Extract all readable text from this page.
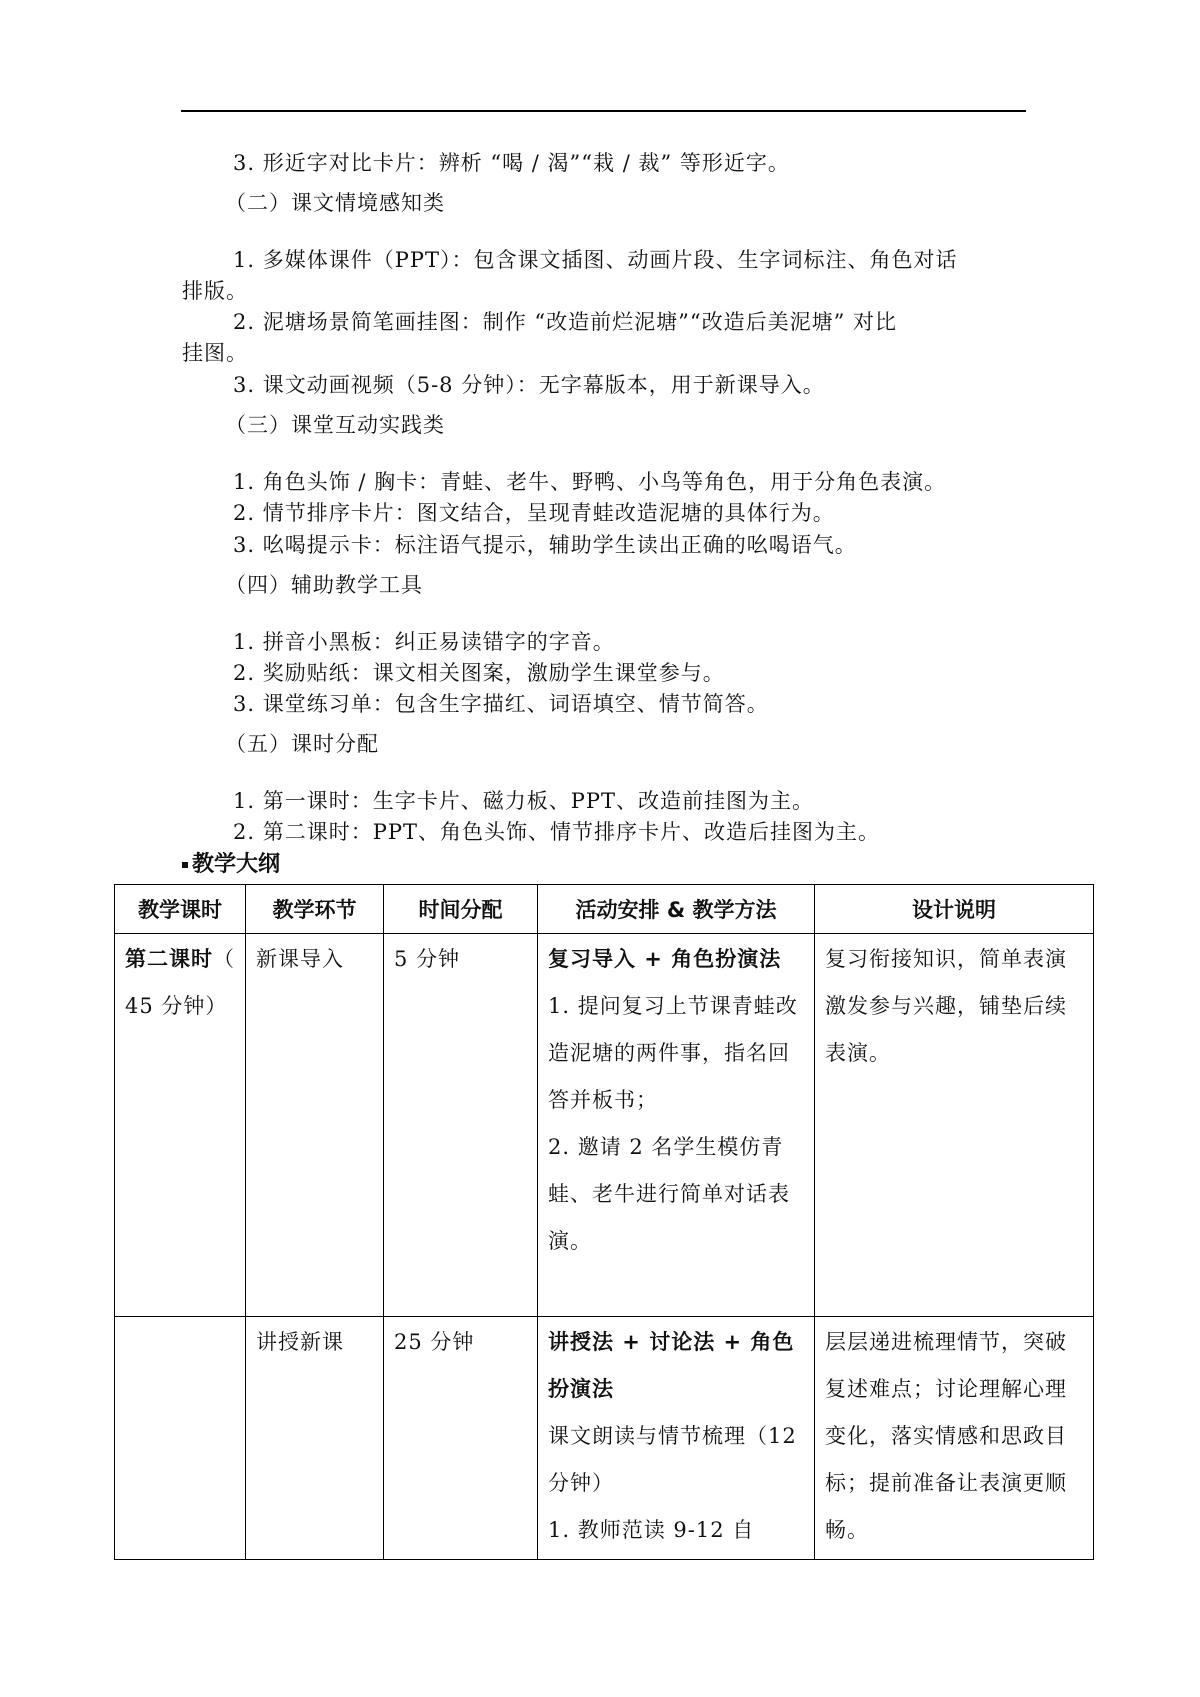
3. 形近字对比卡片：辨析 “喝 / 渴”“栽 / 裁” 等形近字。
（二）课文情境感知类
1. 多媒体课件（PPT）：包含课文插图、动画片段、生字词标注、角色对话
排版。
2. 泥塘场景简笔画挂图：制作 “改造前烂泥塘”“改造后美泥塘” 对比
挂图。
3. 课文动画视频（5-8 分钟）：无字幕版本，用于新课导入。
（三）课堂互动实践类
1. 角色头饰 / 胸卡：青蛙、老牛、野鸭、小鸟等角色，用于分角色表演。
2. 情节排序卡片：图文结合，呈现青蛙改造泥塘的具体行为。
3. 吆喝提示卡：标注语气提示，辅助学生读出正确的吆喝语气。
（四）辅助教学工具
1. 拼音小黑板：纠正易读错字的字音。
2. 奖励贴纸：课文相关图案，激励学生课堂参与。
3. 课堂练习单：包含生字描红、词语填空、情节简答。
（五）课时分配
1. 第一课时：生字卡片、磁力板、PPT、改造前挂图为主。
2. 第二课时：PPT、角色头饰、情节排序卡片、改造后挂图为主。
教学大纲
教学课时	教学环节	时间分配	活动安排 & 教学方法	设计说明
第二课时（ 45 分钟）	新课导入	5 分钟	复习导入 + 角色扮演法

1. 提问复习上节课青蛙改造泥塘的两件事，指名回答并板书；

2. 邀请 2 名学生模仿青蛙、老牛进行简单对话表演。	复习衔接知识，简单表演激发参与兴趣，铺垫后续表演。
	讲授新课	25 分钟	讲授法 + 讨论法 + 角色扮演法

课文朗读与情节梳理（12 分钟）

1. 教师范读 9-12 自	层层递进梳理情节，突破复述难点；讨论理解心理变化，落实情感和思政目标；提前准备让表演更顺畅。
